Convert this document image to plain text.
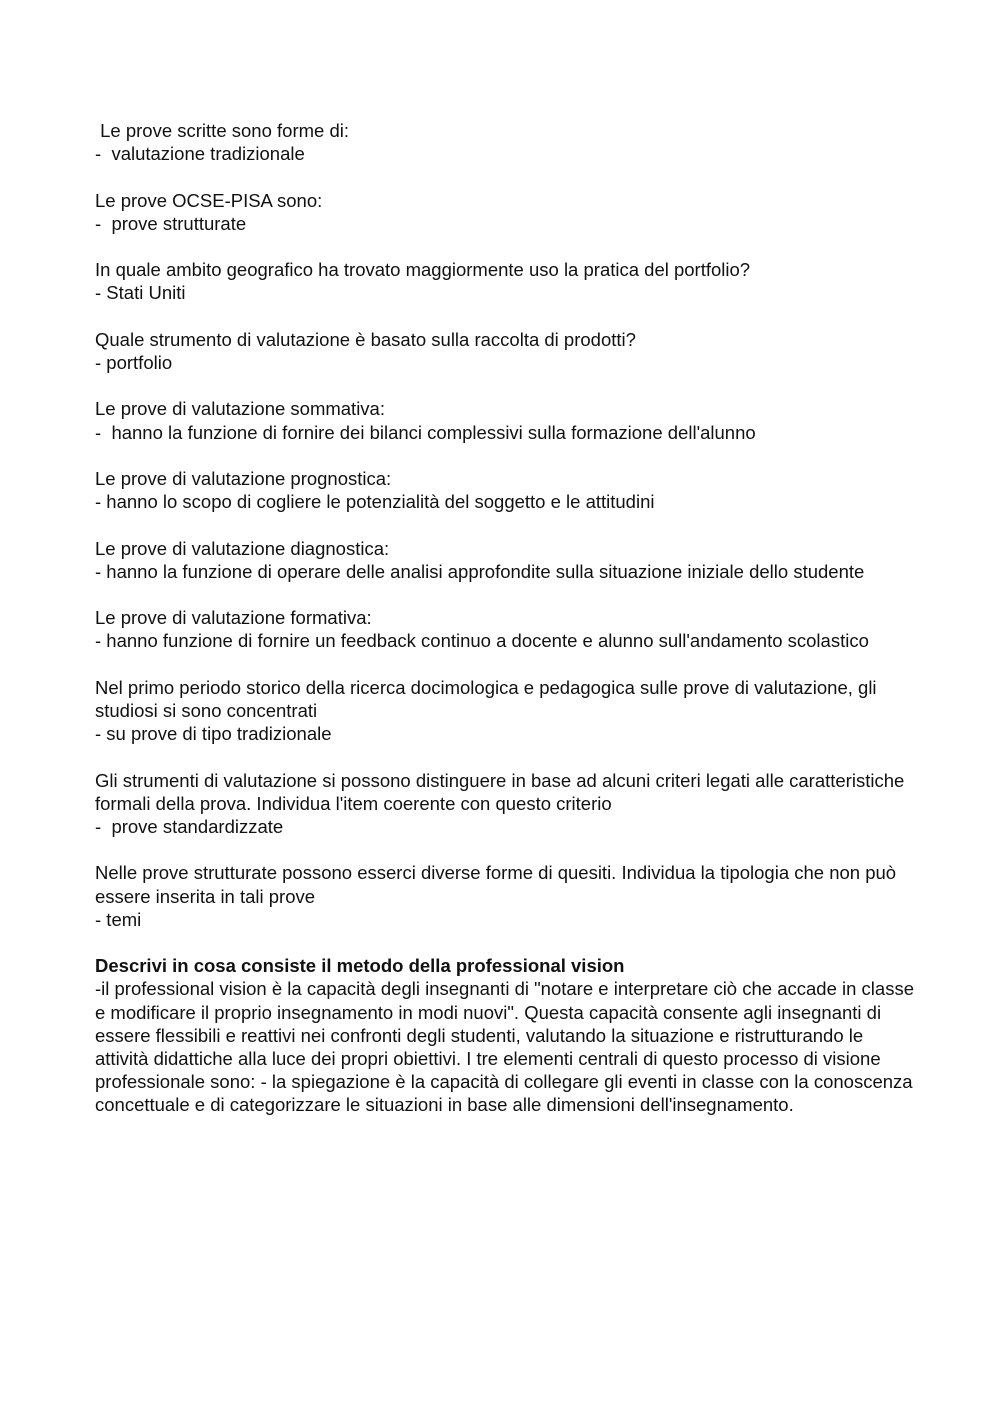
Le prove scritte sono forme di:
-  valutazione tradizionale
Le prove OCSE-PISA sono:
-  prove strutturate
In quale ambito geografico ha trovato maggiormente uso la pratica del portfolio?
- Stati Uniti
Quale strumento di valutazione è basato sulla raccolta di prodotti?
- portfolio
Le prove di valutazione sommativa:
-  hanno la funzione di fornire dei bilanci complessivi sulla formazione dell'alunno
Le prove di valutazione prognostica:
- hanno lo scopo di cogliere le potenzialità del soggetto e le attitudini
Le prove di valutazione diagnostica:
- hanno la funzione di operare delle analisi approfondite sulla situazione iniziale dello studente
Le prove di valutazione formativa:
- hanno funzione di fornire un feedback continuo a docente e alunno sull'andamento scolastico
Nel primo periodo storico della ricerca docimologica e pedagogica sulle prove di valutazione, gli studiosi si sono concentrati
- su prove di tipo tradizionale
Gli strumenti di valutazione si possono distinguere in base ad alcuni criteri legati alle caratteristiche formali della prova. Individua l'item coerente con questo criterio
-  prove standardizzate
Nelle prove strutturate possono esserci diverse forme di quesiti. Individua la tipologia che non può essere inserita in tali prove
- temi
Descrivi in cosa consiste il metodo della professional vision
-il professional vision è la capacità degli insegnanti di "notare e interpretare ciò che accade in classe e modificare il proprio insegnamento in modi nuovi". Questa capacità consente agli insegnanti di essere flessibili e reattivi nei confronti degli studenti, valutando la situazione e ristrutturando le attività didattiche alla luce dei propri obiettivi. I tre elementi centrali di questo processo di visione professionale sono: - la spiegazione è la capacità di collegare gli eventi in classe con la conoscenza concettuale e di categorizzare le situazioni in base alle dimensioni dell'insegnamento.
